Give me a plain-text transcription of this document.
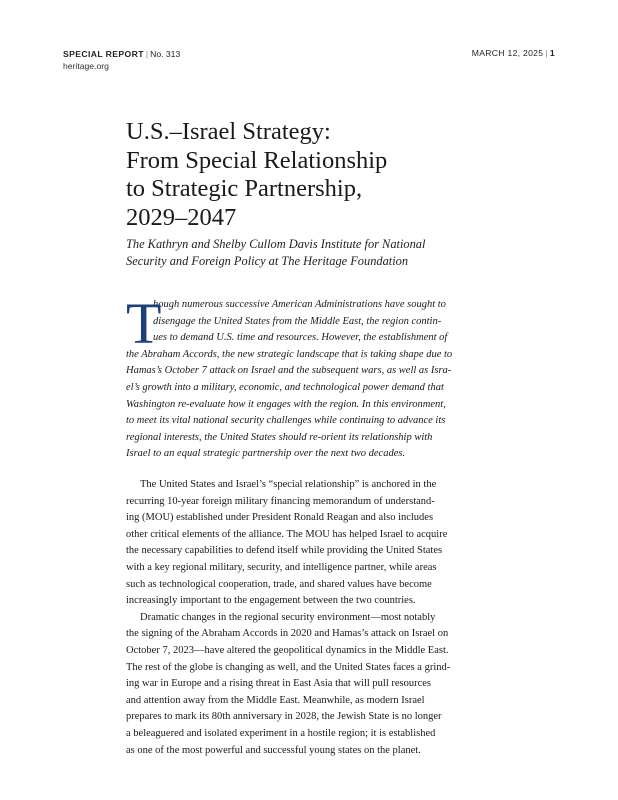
SPECIAL REPORT | No. 313
heritage.org
MARCH 12, 2025 | 1
U.S.–Israel Strategy:
From Special Relationship
to Strategic Partnership,
2029–2047
The Kathryn and Shelby Cullom Davis Institute for National
Security and Foreign Policy at The Heritage Foundation
T
hough numerous successive American Administrations have sought to
disengage the United States from the Middle East, the region contin-
ues to demand U.S. time and resources. However, the establishment of
the Abraham Accords, the new strategic landscape that is taking shape due to
Hamas’s October 7 attack on Israel and the subsequent wars, as well as Isra-
el’s growth into a military, economic, and technological power demand that
Washington re-evaluate how it engages with the region. In this environment,
to meet its vital national security challenges while continuing to advance its
regional interests, the United States should re-orient its relationship with
Israel to an equal strategic partnership over the next two decades.
The United States and Israel’s “special relationship” is anchored in the
recurring 10-year foreign military financing memorandum of understand-
ing (MOU) established under President Ronald Reagan and also includes
other critical elements of the alliance. The MOU has helped Israel to acquire
the necessary capabilities to defend itself while providing the United States
with a key regional military, security, and intelligence partner, while areas
such as technological cooperation, trade, and shared values have become
increasingly important to the engagement between the two countries.
Dramatic changes in the regional security environment—most notably
the signing of the Abraham Accords in 2020 and Hamas’s attack on Israel on
October 7, 2023—have altered the geopolitical dynamics in the Middle East.
The rest of the globe is changing as well, and the United States faces a grind-
ing war in Europe and a rising threat in East Asia that will pull resources
and attention away from the Middle East. Meanwhile, as modern Israel
prepares to mark its 80th anniversary in 2028, the Jewish State is no longer
a beleaguered and isolated experiment in a hostile region; it is established
as one of the most powerful and successful young states on the planet.
